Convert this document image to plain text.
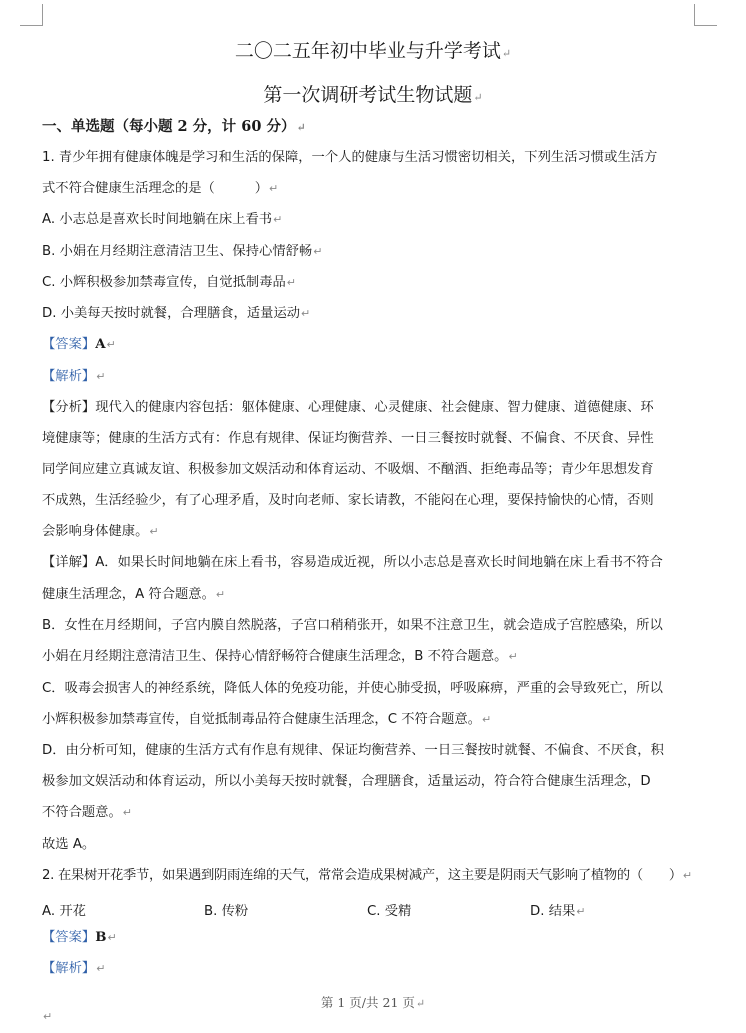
二〇二五年初中毕业与升学考试↵
第一次调研考试生物试题↵
一、单选题（每小题 2 分，计 60 分）↵
1. 青少年拥有健康体魄是学习和生活的保障，一个人的健康与生活习惯密切相关，下列生活习惯或生活方
式不符合健康生活理念的是（　　　）↵
A. 小志总是喜欢长时间地躺在床上看书↵
B. 小娟在月经期注意清洁卫生、保持心情舒畅↵
C. 小辉积极参加禁毒宣传，自觉抵制毒品↵
D. 小美每天按时就餐，合理膳食，适量运动↵
【答案】A↵
【解析】↵
【分析】现代入的健康内容包括：躯体健康、心理健康、心灵健康、社会健康、智力健康、道德健康、环
境健康等；健康的生活方式有：作息有规律、保证均衡营养、一日三餐按时就餐、不偏食、不厌食、异性
同学间应建立真诚友谊、积极参加文娱活动和体育运动、不吸烟、不酗酒、拒绝毒品等；青少年思想发育
不成熟，生活经验少，有了心理矛盾，及时向老师、家长请教，不能闷在心理，要保持愉快的心情，否则
会影响身体健康。↵
【详解】A．如果长时间地躺在床上看书，容易造成近视，所以小志总是喜欢长时间地躺在床上看书不符合
健康生活理念，A 符合题意。↵
B．女性在月经期间，子宫内膜自然脱落，子宫口稍稍张开，如果不注意卫生，就会造成子宫腔感染，所以
小娟在月经期注意清洁卫生、保持心情舒畅符合健康生活理念，B 不符合题意。↵
C．吸毒会损害人的神经系统，降低人体的免疫功能，并使心肺受损，呼吸麻痹，严重的会导致死亡，所以
小辉积极参加禁毒宣传，自觉抵制毒品符合健康生活理念，C 不符合题意。↵
D．由分析可知，健康的生活方式有作息有规律、保证均衡营养、一日三餐按时就餐、不偏食、不厌食，积
极参加文娱活动和体育运动，所以小美每天按时就餐，合理膳食，适量运动，符合符合健康生活理念，D
不符合题意。↵
故选 A。
2. 在果树开花季节，如果遇到阴雨连绵的天气，常常会造成果树减产，这主要是阴雨天气影响了植物的（　　）↵
A. 开花	B. 传粉	C. 受精	D. 结果↵
【答案】B↵
【解析】↵
第 1 页/共 21 页↵
↵
